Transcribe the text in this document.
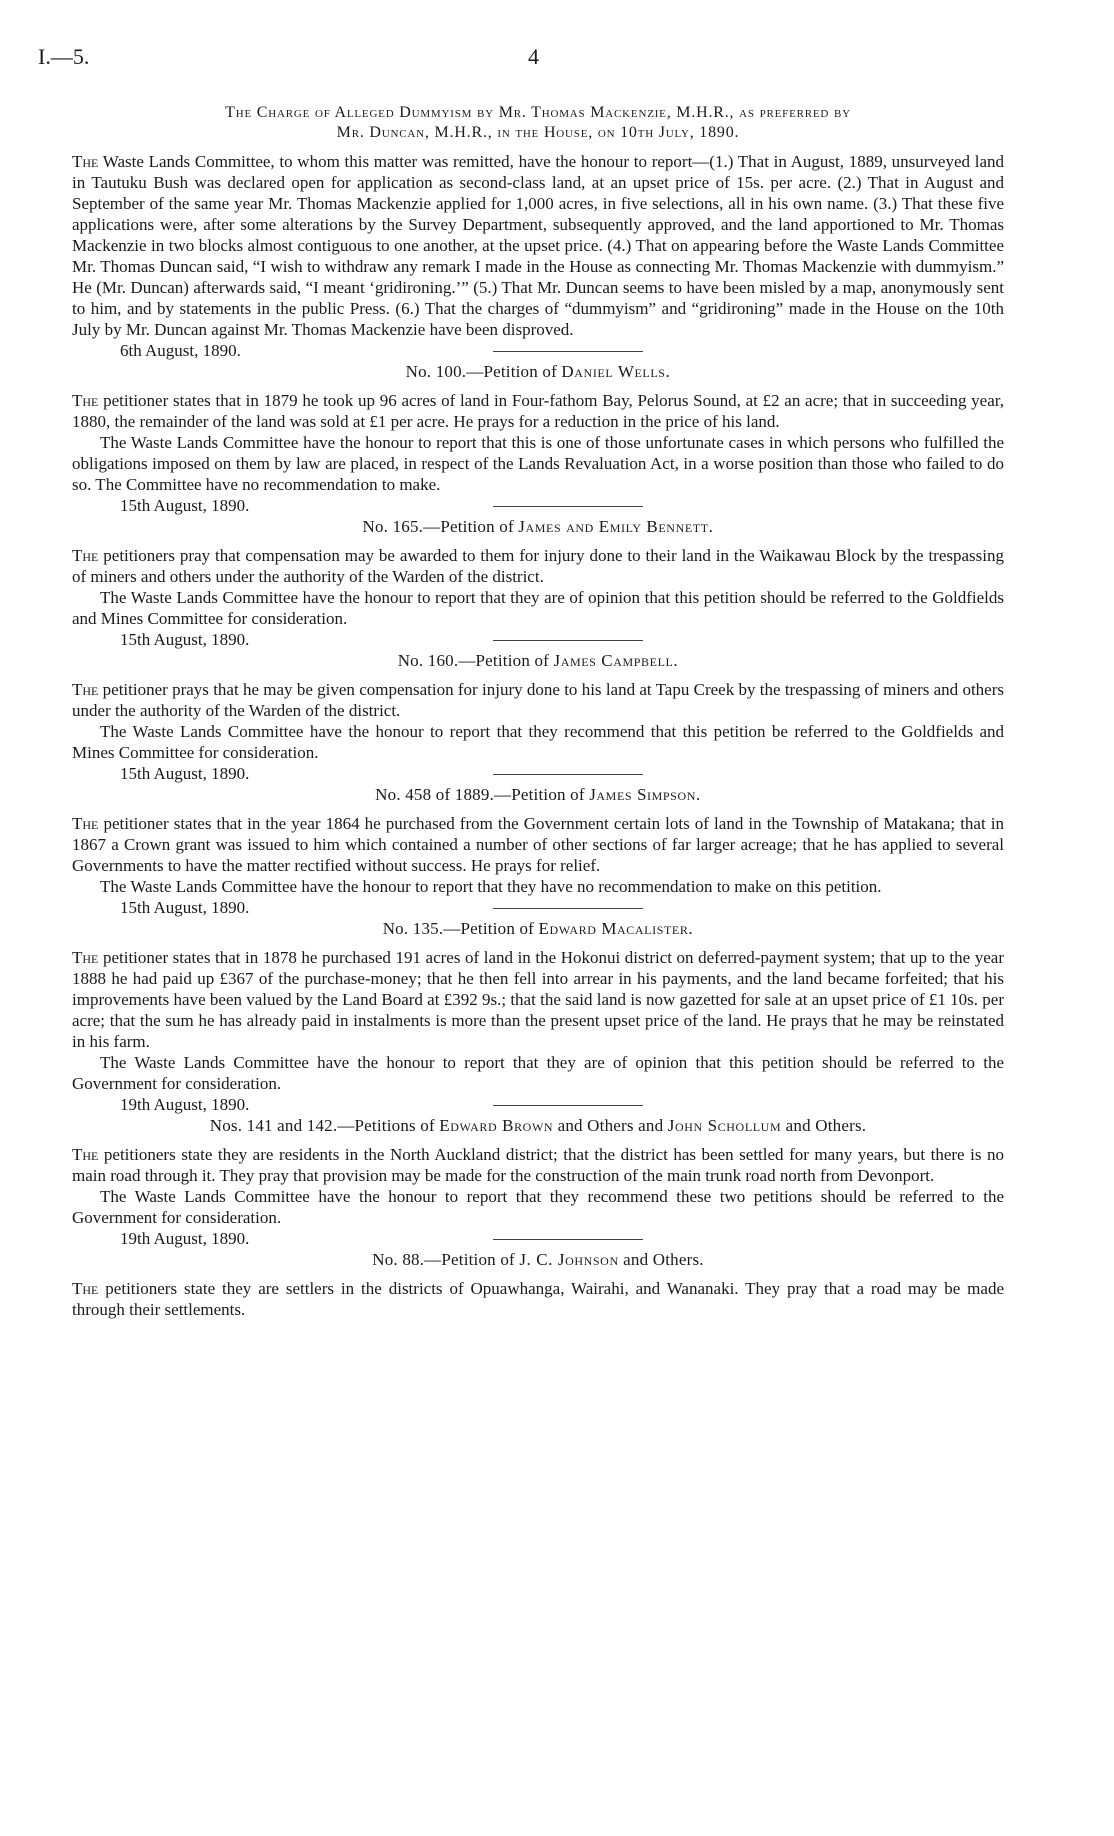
I.—5.	4

The Charge of Alleged Dummyism by Mr. Thomas Mackenzie, M.H.R., as preferred by
Mr. Duncan, M.H.R., in the House, on 10th July, 1890.

The Waste Lands Committee, to whom this matter was remitted, have the honour to report—(1.) That in August, 1889, unsurveyed land in Tautuku Bush was declared open for application as second-class land, at an upset price of 15s. per acre. (2.) That in August and September of the same year Mr. Thomas Mackenzie applied for 1,000 acres, in five selections, all in his own name. (3.) That these five applications were, after some alterations by the Survey Department, subsequently approved, and the land apportioned to Mr. Thomas Mackenzie in two blocks almost contiguous to one another, at the upset price. (4.) That on appearing before the Waste Lands Committee Mr. Thomas Duncan said, “I wish to withdraw any remark I made in the House as connecting Mr. Thomas Mackenzie with dummyism.” He (Mr. Duncan) afterwards said, “I meant ‘gridironing.’” (5.) That Mr. Duncan seems to have been misled by a map, anonymously sent to him, and by statements in the public Press. (6.) That the charges of “dummyism” and “gridironing” made in the House on the 10th July by Mr. Duncan against Mr. Thomas Mackenzie have been disproved.

6th August, 1890.

No. 100.—Petition of Daniel Wells.

The petitioner states that in 1879 he took up 96 acres of land in Four-fathom Bay, Pelorus Sound, at £2 an acre; that in succeeding year, 1880, the remainder of the land was sold at £1 per acre. He prays for a reduction in the price of his land.

The Waste Lands Committee have the honour to report that this is one of those unfortunate cases in which persons who fulfilled the obligations imposed on them by law are placed, in respect of the Lands Revaluation Act, in a worse position than those who failed to do so. The Committee have no recommendation to make.

15th August, 1890.

No. 165.—Petition of James and Emily Bennett.

The petitioners pray that compensation may be awarded to them for injury done to their land in the Waikawau Block by the trespassing of miners and others under the authority of the Warden of the district.

The Waste Lands Committee have the honour to report that they are of opinion that this petition should be referred to the Goldfields and Mines Committee for consideration.

15th August, 1890.

No. 160.—Petition of James Campbell.

The petitioner prays that he may be given compensation for injury done to his land at Tapu Creek by the trespassing of miners and others under the authority of the Warden of the district.

The Waste Lands Committee have the honour to report that they recommend that this petition be referred to the Goldfields and Mines Committee for consideration.

15th August, 1890.

No. 458 of 1889.—Petition of James Simpson.

The petitioner states that in the year 1864 he purchased from the Government certain lots of land in the Township of Matakana; that in 1867 a Crown grant was issued to him which contained a number of other sections of far larger acreage; that he has applied to several Governments to have the matter rectified without success. He prays for relief.

The Waste Lands Committee have the honour to report that they have no recommendation to make on this petition.

15th August, 1890.

No. 135.—Petition of Edward Macalister.

The petitioner states that in 1878 he purchased 191 acres of land in the Hokonui district on deferred-payment system; that up to the year 1888 he had paid up £367 of the purchase-money; that he then fell into arrear in his payments, and the land became forfeited; that his improvements have been valued by the Land Board at £392 9s.; that the said land is now gazetted for sale at an upset price of £1 10s. per acre; that the sum he has already paid in instalments is more than the present upset price of the land. He prays that he may be reinstated in his farm.

The Waste Lands Committee have the honour to report that they are of opinion that this petition should be referred to the Government for consideration.

19th August, 1890.

Nos. 141 and 142.—Petitions of Edward Brown and Others and John Schollum and Others.

The petitioners state they are residents in the North Auckland district; that the district has been settled for many years, but there is no main road through it. They pray that provision may be made for the construction of the main trunk road north from Devonport.

The Waste Lands Committee have the honour to report that they recommend these two petitions should be referred to the Government for consideration.

19th August, 1890.

No. 88.—Petition of J. C. Johnson and Others.

The petitioners state they are settlers in the districts of Opuawhanga, Wairahi, and Wananaki. They pray that a road may be made through their settlements.
